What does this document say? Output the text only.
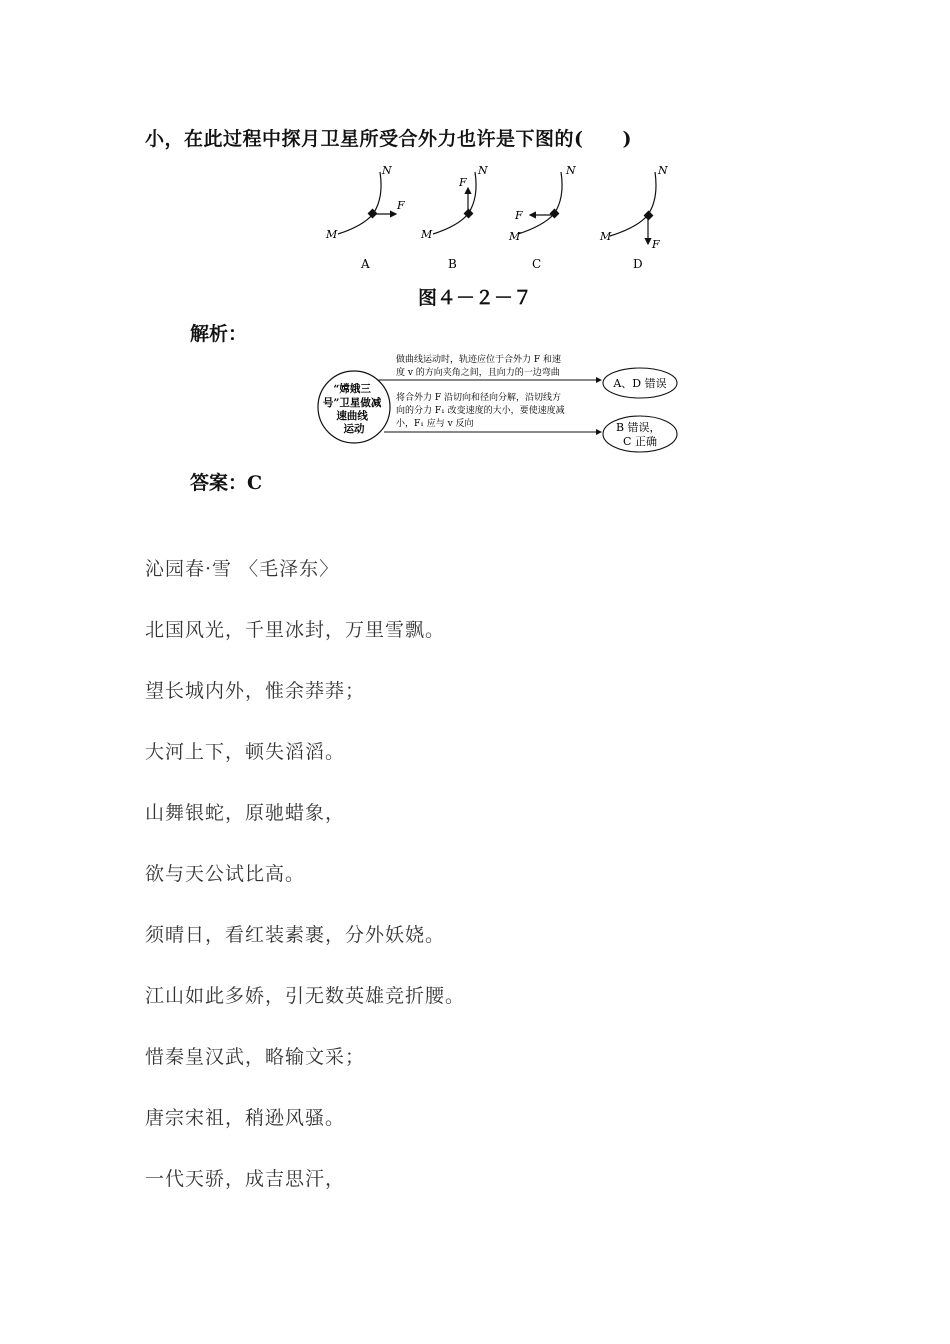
小，在此过程中探月卫星所受合外力也许是下图的(　　)
N
M
F
A
N
M
F
B
N
M
F
C
N
M
F
D
图４－２－７
解析：
“嫦娥三 号”卫星做减 速曲线 运动
做曲线运动时，轨迹应位于合外力 F 和速 度 v 的方向夹角之间，且向力的一边弯曲
A、D 错误
将合外力 F 沿切向和径向分解，沿切线方 向的分力 F₁ 改变速度的大小，要使速度减 小，F₁ 应与 v 反向	B 错误， C 正确
答案：C
沁园春·雪 〈毛泽东〉
北国风光，千里冰封，万里雪飘。
望长城内外，惟余莽莽；
大河上下，顿失滔滔。
山舞银蛇，原驰蜡象，
欲与天公试比高。
须晴日，看红装素裹，分外妖娆。
江山如此多娇，引无数英雄竞折腰。
惜秦皇汉武，略输文采；
唐宗宋祖，稍逊风骚。
一代天骄，成吉思汗，
